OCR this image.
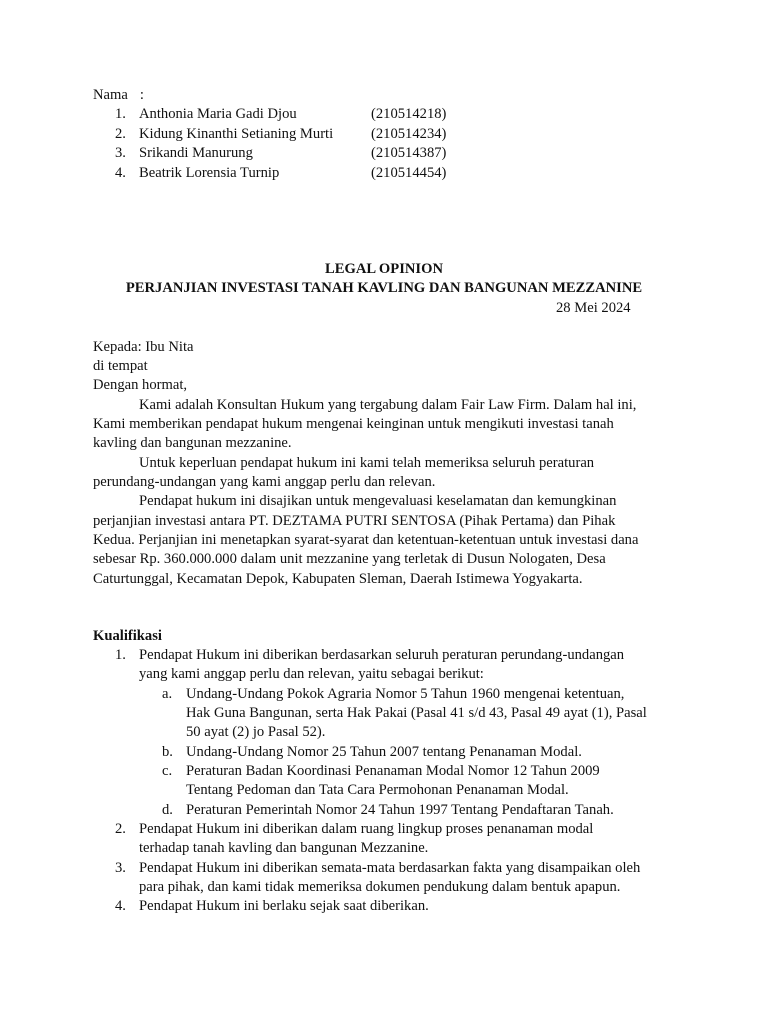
Nama :
1. Anthonia Maria Gadi Djou	(210514218)
2. Kidung Kinanthi Setianing Murti	(210514234)
3. Srikandi Manurung	(210514387)
4. Beatrik Lorensia Turnip	(210514454)
LEGAL OPINION
PERJANJIAN INVESTASI TANAH KAVLING DAN BANGUNAN MEZZANINE
28 Mei 2024
Kepada: Ibu Nita
di tempat
Dengan hormat,
Kami adalah Konsultan Hukum yang tergabung dalam Fair Law Firm. Dalam hal ini,
Kami memberikan pendapat hukum mengenai keinginan untuk mengikuti investasi tanah
kavling dan bangunan mezzanine.
Untuk keperluan pendapat hukum ini kami telah memeriksa seluruh peraturan
perundang-undangan yang kami anggap perlu dan relevan.
Pendapat hukum ini disajikan untuk mengevaluasi keselamatan dan kemungkinan
perjanjian investasi antara PT. DEZTAMA PUTRI SENTOSA (Pihak Pertama) dan Pihak
Kedua. Perjanjian ini menetapkan syarat-syarat dan ketentuan-ketentuan untuk investasi dana
sebesar Rp. 360.000.000 dalam unit mezzanine yang terletak di Dusun Nologaten, Desa
Caturtunggal, Kecamatan Depok, Kabupaten Sleman, Daerah Istimewa Yogyakarta.
Kualifikasi
1. Pendapat Hukum ini diberikan berdasarkan seluruh peraturan perundang-undangan
yang kami anggap perlu dan relevan, yaitu sebagai berikut:
a. Undang-Undang Pokok Agraria Nomor 5 Tahun 1960 mengenai ketentuan,
Hak Guna Bangunan, serta Hak Pakai (Pasal 41 s/d 43, Pasal 49 ayat (1), Pasal
50 ayat (2) jo Pasal 52).
b. Undang-Undang Nomor 25 Tahun 2007 tentang Penanaman Modal.
c. Peraturan Badan Koordinasi Penanaman Modal Nomor 12 Tahun 2009
Tentang Pedoman dan Tata Cara Permohonan Penanaman Modal.
d. Peraturan Pemerintah Nomor 24 Tahun 1997 Tentang Pendaftaran Tanah.
2. Pendapat Hukum ini diberikan dalam ruang lingkup proses penanaman modal
terhadap tanah kavling dan bangunan Mezzanine.
3. Pendapat Hukum ini diberikan semata-mata berdasarkan fakta yang disampaikan oleh
para pihak, dan kami tidak memeriksa dokumen pendukung dalam bentuk apapun.
4. Pendapat Hukum ini berlaku sejak saat diberikan.
